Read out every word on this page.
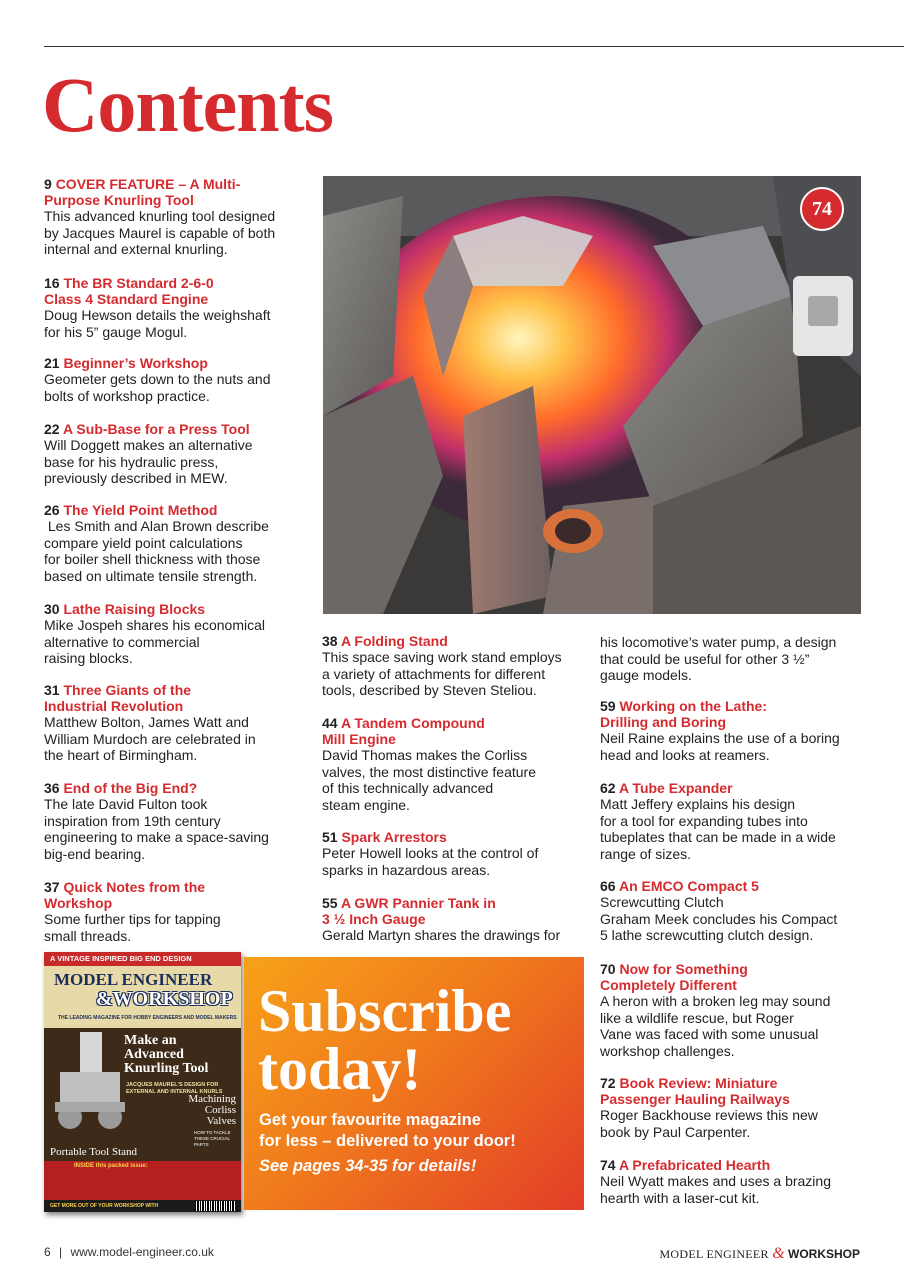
Contents
9 COVER FEATURE – A Multi-
Purpose Knurling Tool
This advanced knurling tool designed
by Jacques Maurel is capable of both
internal and external knurling.
16 The BR Standard 2-6-0
Class 4 Standard Engine
Doug Hewson details the weighshaft
for his 5” gauge Mogul.
21 Beginner’s Workshop
Geometer gets down to the nuts and
bolts of workshop practice.
22 A Sub-Base for a Press Tool
Will Doggett makes an alternative
base for his hydraulic press,
previously described in MEW.
26 The Yield Point Method
Les Smith and Alan Brown describe
compare yield point calculations
for boiler shell thickness with those
based on ultimate tensile strength.
30 Lathe Raising Blocks
Mike Jospeh shares his economical
alternative to commercial
raising blocks.
31 Three Giants of the
Industrial Revolution
Matthew Bolton, James Watt and
William Murdoch are celebrated in
the heart of Birmingham.
36 End of the Big End?
The late David Fulton took
inspiration from 19th century
engineering to make a space-saving
big-end bearing.
37 Quick Notes from the
Workshop
Some further tips for tapping
small threads.
38 A Folding Stand
This space saving work stand employs
a variety of attachments for different
tools, described by Steven Steliou.
44 A Tandem Compound
Mill Engine
David Thomas makes the Corliss
valves, the most distinctive feature
of this technically advanced
steam engine.
51 Spark Arrestors
Peter Howell looks at the control of
sparks in hazardous areas.
55 A GWR Pannier Tank in
3 ½ Inch Gauge
Gerald Martyn shares the drawings for
his locomotive’s water pump, a design
that could be useful for other 3 ½”
gauge models.
59 Working on the Lathe:
Drilling and Boring
Neil Raine explains the use of a boring
head and looks at reamers.
62 A Tube Expander
Matt Jeffery explains his design
for a tool for expanding tubes into
tubeplates that can be made in a wide
range of sizes.
66 An EMCO Compact 5
Screwcutting Clutch
Graham Meek concludes his Compact
5 lathe screwcutting clutch design.
70 Now for Something
Completely Different
A heron with a broken leg may sound
like a wildlife rescue, but Roger
Vane was faced with some unusual
workshop challenges.
72 Book Review: Miniature
Passenger Hauling Railways
Roger Backhouse reviews this new
book by Paul Carpenter.
74 A Prefabricated Hearth
Neil Wyatt makes and uses a brazing
hearth with a laser-cut kit.
74
A VINTAGE INSPIRED BIG END DESIGN
MODEL ENGINEER
&WORKSHOP
THE LEADING MAGAZINE FOR HOBBY ENGINEERS AND MODEL MAKERS
Make an
Advanced
Knurling Tool
JACQUES MAUREL'S DESIGN FOR
EXTERNAL AND INTERNAL KNURLS
Machining
Corliss
Valves
HOW TO TACKLE
THESE CRUCIAL PARTS
Portable Tool Stand
INSIDE this packed issue:
GET MORE OUT OF YOUR WORKSHOP WITH
Subscribe
today!
Get your favourite magazine
for less – delivered to your door!
See pages 34-35 for details!
6 | www.model-engineer.co.uk	MODEL ENGINEER & WORKSHOP
